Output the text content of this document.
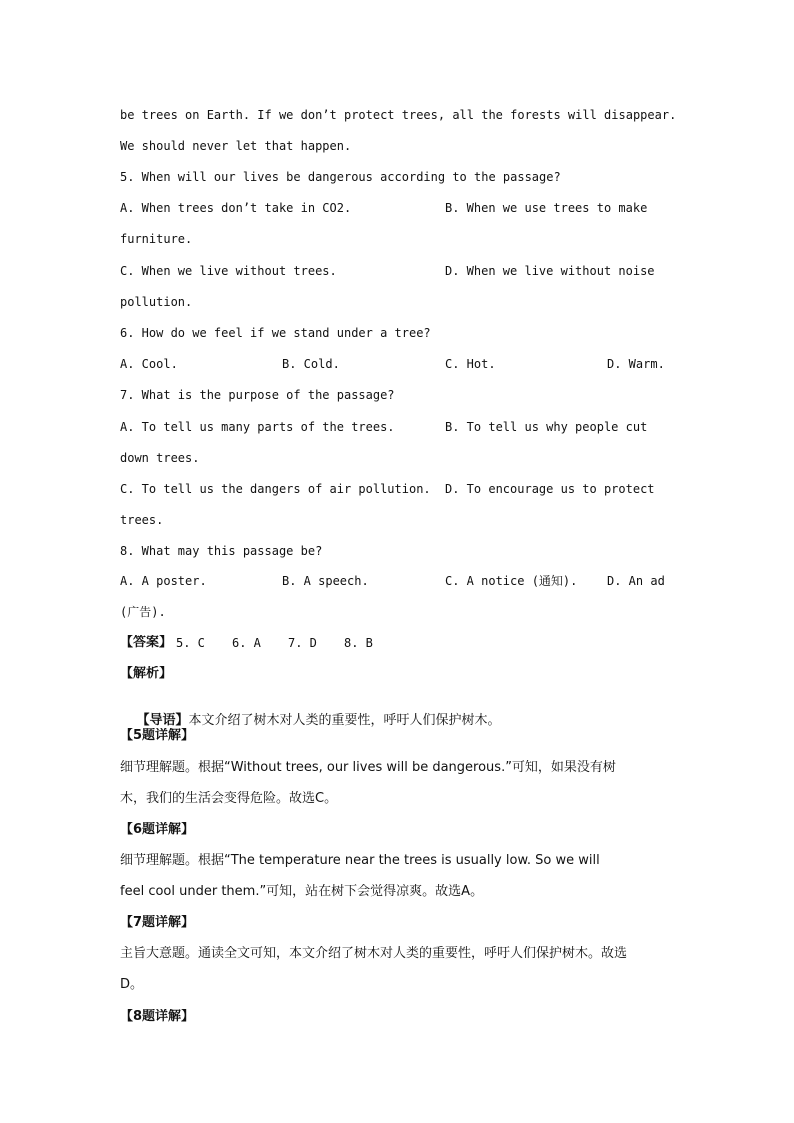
be trees on Earth. If we don’t protect trees, all the forests will disappear.
We should never let that happen.
5. When will our lives be dangerous according to the passage?

A. When trees don’t take in CO2.

	B. When we use trees to make

furniture.

C. When we live without trees.

	D. When we live without noise

pollution.
6. How do we feel if we stand under a tree?

A. Cool.

	B. Cold.

	C. Hot.

	D. Warm.

7. What is the purpose of the passage?

A. To tell us many parts of the trees.

	B. To tell us why people cut

down trees.

C. To tell us the dangers of air pollution.

D. To encourage us to protect

trees.
8. What may this passage be?

A. A poster.

	B. A speech.

	C. A notice (通知).

D. An ad

(广告).

【答案】

5. C

6. A

7. D

8. B

【解析】

【导语】本文介绍了树木对人类的重要性，呼吁人们保护树木。

【5题详解】
细节理解题。根据“Without trees, our lives will be dangerous.”可知，如果没有树
木，我们的生活会变得危险。故选C。
【6题详解】
细节理解题。根据“The temperature near the trees is usually low. So we will
feel cool under them.”可知，站在树下会觉得凉爽。故选A。
【7题详解】
主旨大意题。通读全文可知，本文介绍了树木对人类的重要性，呼吁人们保护树木。故选
D。
【8题详解】
